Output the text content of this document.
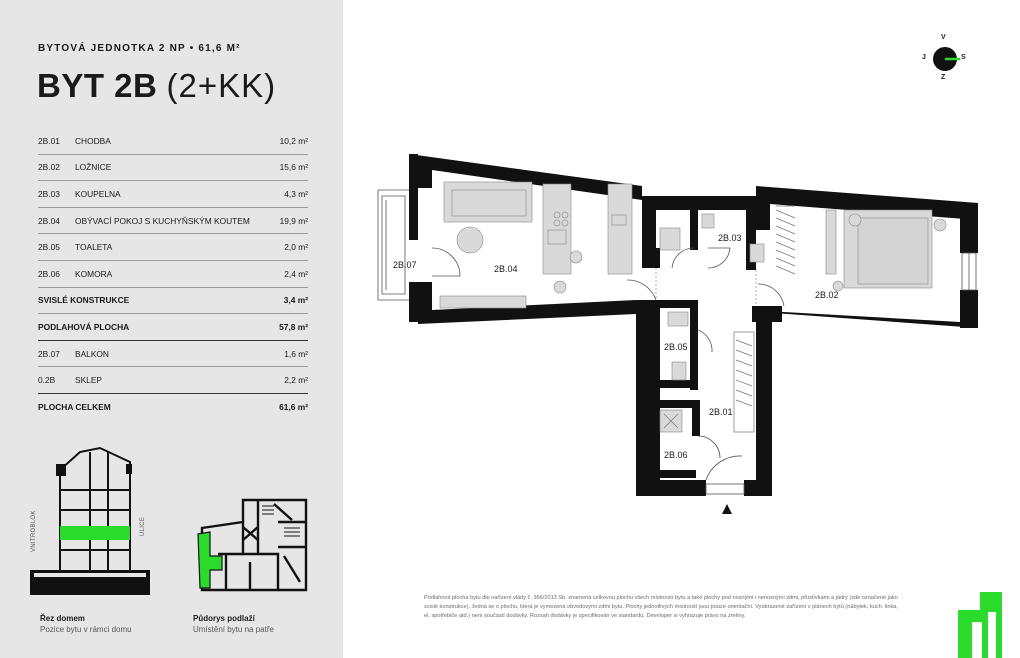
BYTOVÁ JEDNOTKA 2 NP • 61,6 M²
BYT 2B (2+KK)
2B.01	CHODBA	10,2 m²
2B.02	LOŽNICE	15,6 m²
2B.03	KOUPELNA	4,3 m²
2B.04	OBÝVACÍ POKOJ S KUCHYŇSKÝM KOUTEM	19,9 m²
2B.05	TOALETA	2,0 m²
2B.06	KOMORA	2,4 m²
SVISLÉ KONSTRUKCE	3,4 m²
PODLAHOVÁ PLOCHA	57,8 m²
2B.07	BALKON	1,6 m²
0.2B	SKLEP	2,2 m²
PLOCHA CELKEM	61,6 m²
VNITROBLOK	ULICE
Řez domem
Pozice bytu v rámci domu
Půdorys podlaží
Umístění bytu na patře
2B.04
2B.07
2B.03
2B.02
2B.05
2B.01
2B.06
V
S
Z
J
Podlahová plocha bytu dle nařízení vlády č. 366/2013 Sb. znamená celkovou plochu všech místností bytu a také plochy pod nosnými i nenosnými zdmi, přizdívkami a jádry (zde označené jako svislé konstrukce). Jedná se o plochu, která je vymezená obvodovými zdmi bytu. Plochy jednotlivých místností jsou pouze orientační. Vyobrazené zařízení v plánech bytů (nábytek, kuch. linka, el. spotřebiče atd.) není součástí dodávky. Rozsah dodávky je specifikován ve standardu. Developer si vyhrazuje právo na změny.
